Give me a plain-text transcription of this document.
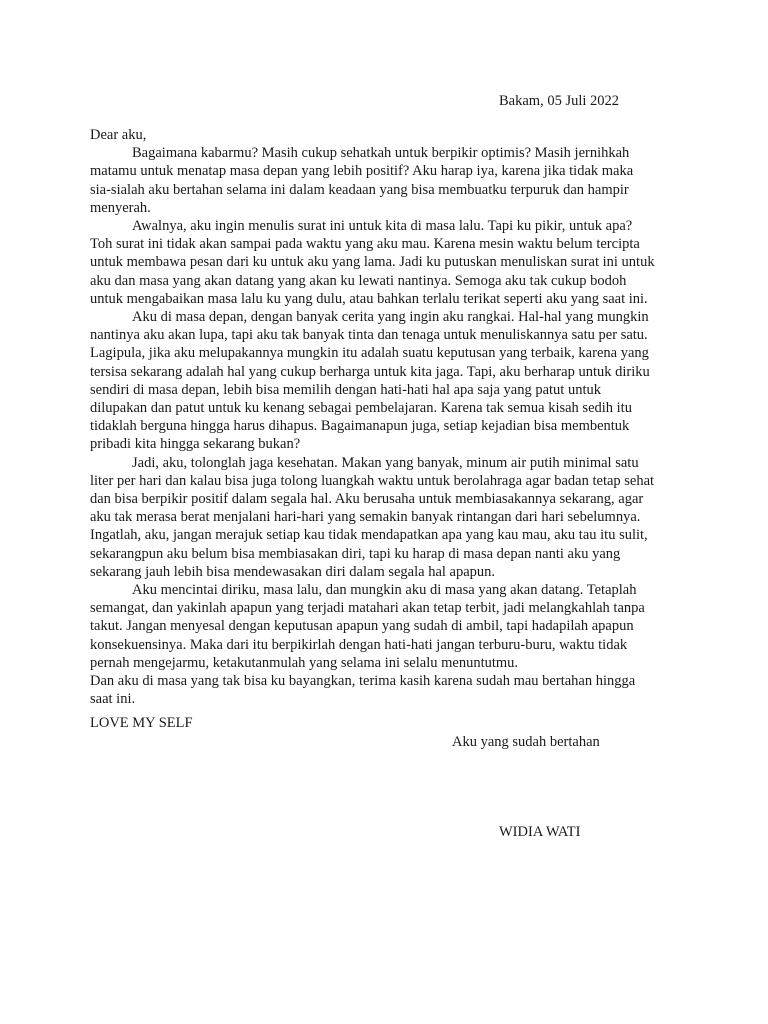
Bakam, 05 Juli 2022
Dear aku,
Bagaimana kabarmu? Masih cukup sehatkah untuk berpikir optimis? Masih jernihkah
matamu untuk menatap masa depan yang lebih positif? Aku harap iya, karena jika tidak maka
sia-sialah aku bertahan selama ini dalam keadaan yang bisa membuatku terpuruk dan hampir
menyerah.
Awalnya, aku ingin menulis surat ini untuk kita di masa lalu. Tapi ku pikir, untuk apa?
Toh surat ini tidak akan sampai pada waktu yang aku mau. Karena mesin waktu belum tercipta
untuk membawa pesan dari ku untuk aku yang lama. Jadi ku putuskan menuliskan surat ini untuk
aku dan masa yang akan datang yang akan ku lewati nantinya. Semoga aku tak cukup bodoh
untuk mengabaikan masa lalu ku yang dulu, atau bahkan terlalu terikat seperti aku yang saat ini.
Aku di masa depan, dengan banyak cerita yang ingin aku rangkai. Hal-hal yang mungkin
nantinya aku akan lupa, tapi aku tak banyak tinta dan tenaga untuk menuliskannya satu per satu.
Lagipula, jika aku melupakannya mungkin itu adalah suatu keputusan yang terbaik, karena yang
tersisa sekarang adalah hal yang cukup berharga untuk kita jaga. Tapi, aku berharap untuk diriku
sendiri di masa depan, lebih bisa memilih dengan hati-hati hal apa saja yang patut untuk
dilupakan dan patut untuk ku kenang sebagai pembelajaran. Karena tak semua kisah sedih itu
tidaklah berguna hingga harus dihapus. Bagaimanapun juga, setiap kejadian bisa membentuk
pribadi kita hingga sekarang bukan?
Jadi, aku, tolonglah jaga kesehatan. Makan yang banyak, minum air putih minimal satu
liter per hari dan kalau bisa juga tolong luangkah waktu untuk berolahraga agar badan tetap sehat
dan bisa berpikir positif dalam segala hal. Aku berusaha untuk membiasakannya sekarang, agar
aku tak merasa berat menjalani hari-hari yang semakin banyak rintangan dari hari sebelumnya.
Ingatlah, aku, jangan merajuk setiap kau tidak mendapatkan apa yang kau mau, aku tau itu sulit,
sekarangpun aku belum bisa membiasakan diri, tapi ku harap di masa depan nanti aku yang
sekarang jauh lebih bisa mendewasakan diri dalam segala hal apapun.
Aku mencintai diriku, masa lalu, dan mungkin aku di masa yang akan datang. Tetaplah
semangat, dan yakinlah apapun yang terjadi matahari akan tetap terbit, jadi melangkahlah tanpa
takut. Jangan menyesal dengan keputusan apapun yang sudah di ambil, tapi hadapilah apapun
konsekuensinya. Maka dari itu berpikirlah dengan hati-hati jangan terburu-buru, waktu tidak
pernah mengejarmu, ketakutanmulah yang selama ini selalu menuntutmu.
Dan aku di masa yang tak bisa ku bayangkan, terima kasih karena sudah mau bertahan hingga
saat ini.
LOVE MY SELF
Aku yang sudah bertahan
WIDIA WATI
